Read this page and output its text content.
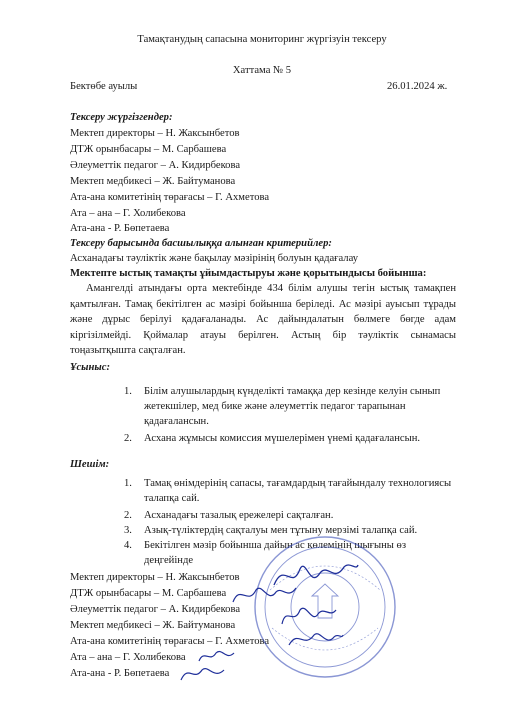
Тамақтанудың сапасына мониторинг жүргізуін тексеру
Хаттама № 5
Бектөбе ауылы	26.01.2024 ж.
Тексеру жүргізгендер:
Мектеп директоры – Н. Жаксынбетов
ДТЖ орынбасары – М. Сарбашева
Әлеуметтік педагог – А. Кидирбекова
Мектеп медбикесі – Ж. Байтуманова
Ата-ана комитетінің төрағасы – Г. Ахметова
Ата – ана – Г. Холибекова
Ата-ана - Р. Бөпетаева
Тексеру барысында басшылыққа алынған критерийлер:
Асханадағы тәуліктік және бақылау мәзірінің болуын қадағалау
Мектепте ыстық тамақты ұйымдастыруы және қорытындысы бойынша:
Амангелді атындағы орта мектебінде 434 білім алушы тегін ыстық тамақпен қамтылған. Тамақ бекітілген ас мәзірі бойынша беріледі. Ас мәзірі ауысып тұрады және дұрыс берілуі қадағаланады. Ас дайындалатын бөлмеге бөгде адам кіргізілмейді. Қоймалар атауы берілген. Астың бір тәуліктік сынамасы тоңазытқышта сақталған.
Ұсыныс:
1. Білім алушылардың күнделікті тамаққа дер кезінде келуін сынып жетекшілер, мед бике және әлеуметтік педагог тарапынан қадағалансын.
2. Асхана жұмысы комиссия мүшелерімен үнемі қадағалансын.
Шешім:
1. Тамақ өнімдерінің сапасы, тағамдардың тағайындалу технологиясы талапқа сай.
2. Асханадағы тазалық ережелері сақталған.
3. Азық-түліктердің сақталуы мен тұтыну мерзімі талапқа сай.
4. Бекітілген мәзір бойынша дайын ас көлемінің шығыны өз деңгейінде
Мектеп директоры – Н. Жаксынбетов
ДТЖ орынбасары – М. Сарбашева
Әлеуметтік педагог – А. Кидирбекова
Мектеп медбикесі – Ж. Байтуманова
Ата-ана комитетінің төрағасы – Г. Ахметова
Ата – ана – Г. Холибекова
Ата-ана - Р. Бөпетаева
